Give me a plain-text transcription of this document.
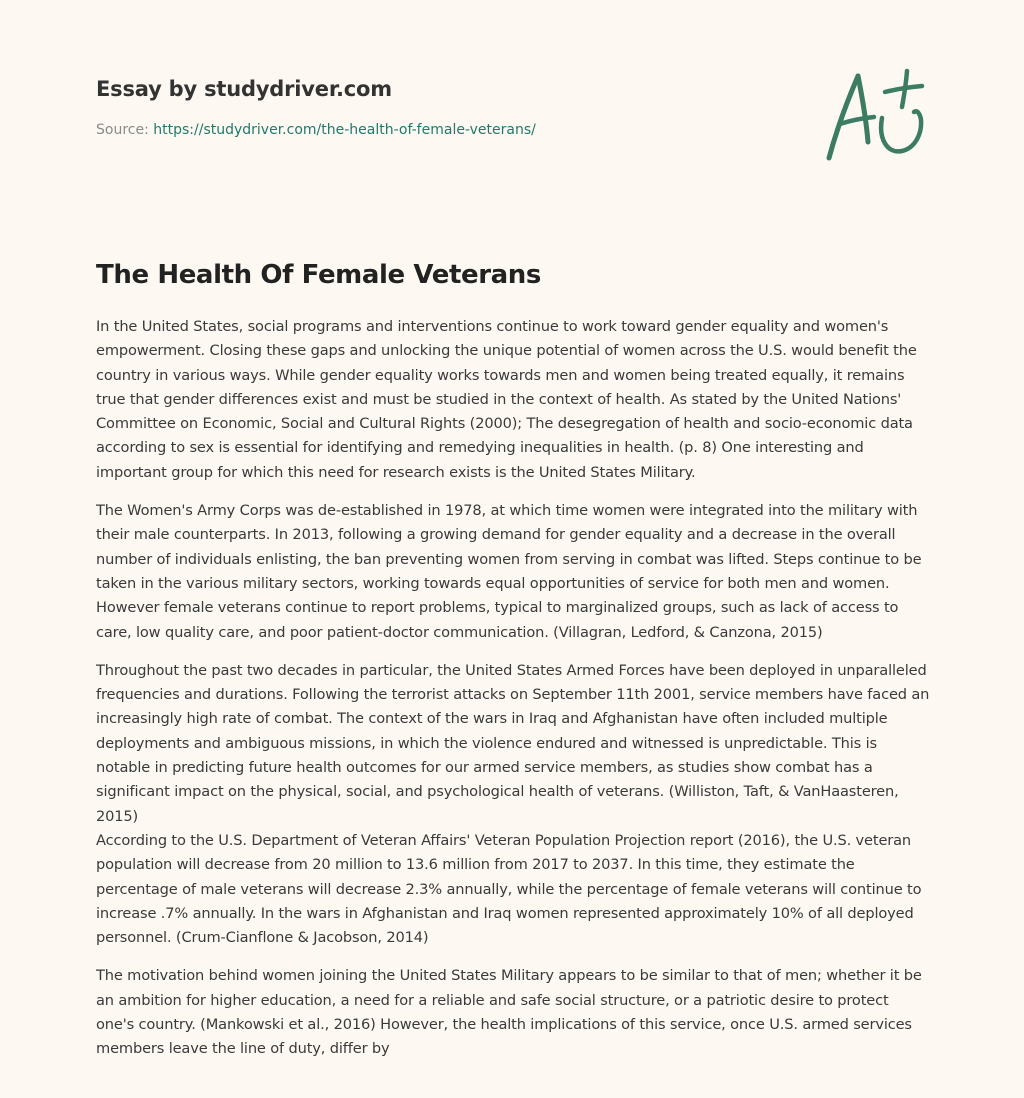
Essay by studydriver.com

Source: https://studydriver.com/the-health-of-female-veterans/
The Health Of Female Veterans

In the United States, social programs and interventions continue to work toward gender equality and women's empowerment. Closing these gaps and unlocking the unique potential of women across the U.S. would benefit the country in various ways. While gender equality works towards men and women being treated equally, it remains true that gender differences exist and must be studied in the context of health. As stated by the United Nations' Committee on Economic, Social and Cultural Rights (2000); The desegregation of health and socio-economic data according to sex is essential for identifying and remedying inequalities in health. (p. 8) One interesting and important group for which this need for research exists is the United States Military.

The Women's Army Corps was de-established in 1978, at which time women were integrated into the military with their male counterparts. In 2013, following a growing demand for gender equality and a decrease in the overall number of individuals enlisting, the ban preventing women from serving in combat was lifted. Steps continue to be taken in the various military sectors, working towards equal opportunities of service for both men and women. However female veterans continue to report problems, typical to marginalized groups, such as lack of access to care, low quality care, and poor patient-doctor communication. (Villagran, Ledford, & Canzona, 2015)

Throughout the past two decades in particular, the United States Armed Forces have been deployed in unparalleled frequencies and durations. Following the terrorist attacks on September 11th 2001, service members have faced an increasingly high rate of combat. The context of the wars in Iraq and Afghanistan have often included multiple deployments and ambiguous missions, in which the violence endured and witnessed is unpredictable. This is notable in predicting future health outcomes for our armed service members, as studies show combat has a significant impact on the physical, social, and psychological health of veterans. (Williston, Taft, & VanHaasteren, 2015)

According to the U.S. Department of Veteran Affairs' Veteran Population Projection report (2016), the U.S. veteran population will decrease from 20 million to 13.6 million from 2017 to 2037. In this time, they estimate the percentage of male veterans will decrease 2.3% annually, while the percentage of female veterans will continue to increase .7% annually. In the wars in Afghanistan and Iraq women represented approximately 10% of all deployed personnel. (Crum-Cianflone & Jacobson, 2014)

The motivation behind women joining the United States Military appears to be similar to that of men; whether it be an ambition for higher education, a need for a reliable and safe social structure, or a patriotic desire to protect one's country. (Mankowski et al., 2016) However, the health implications of this service, once U.S. armed services members leave the line of duty, differ by
